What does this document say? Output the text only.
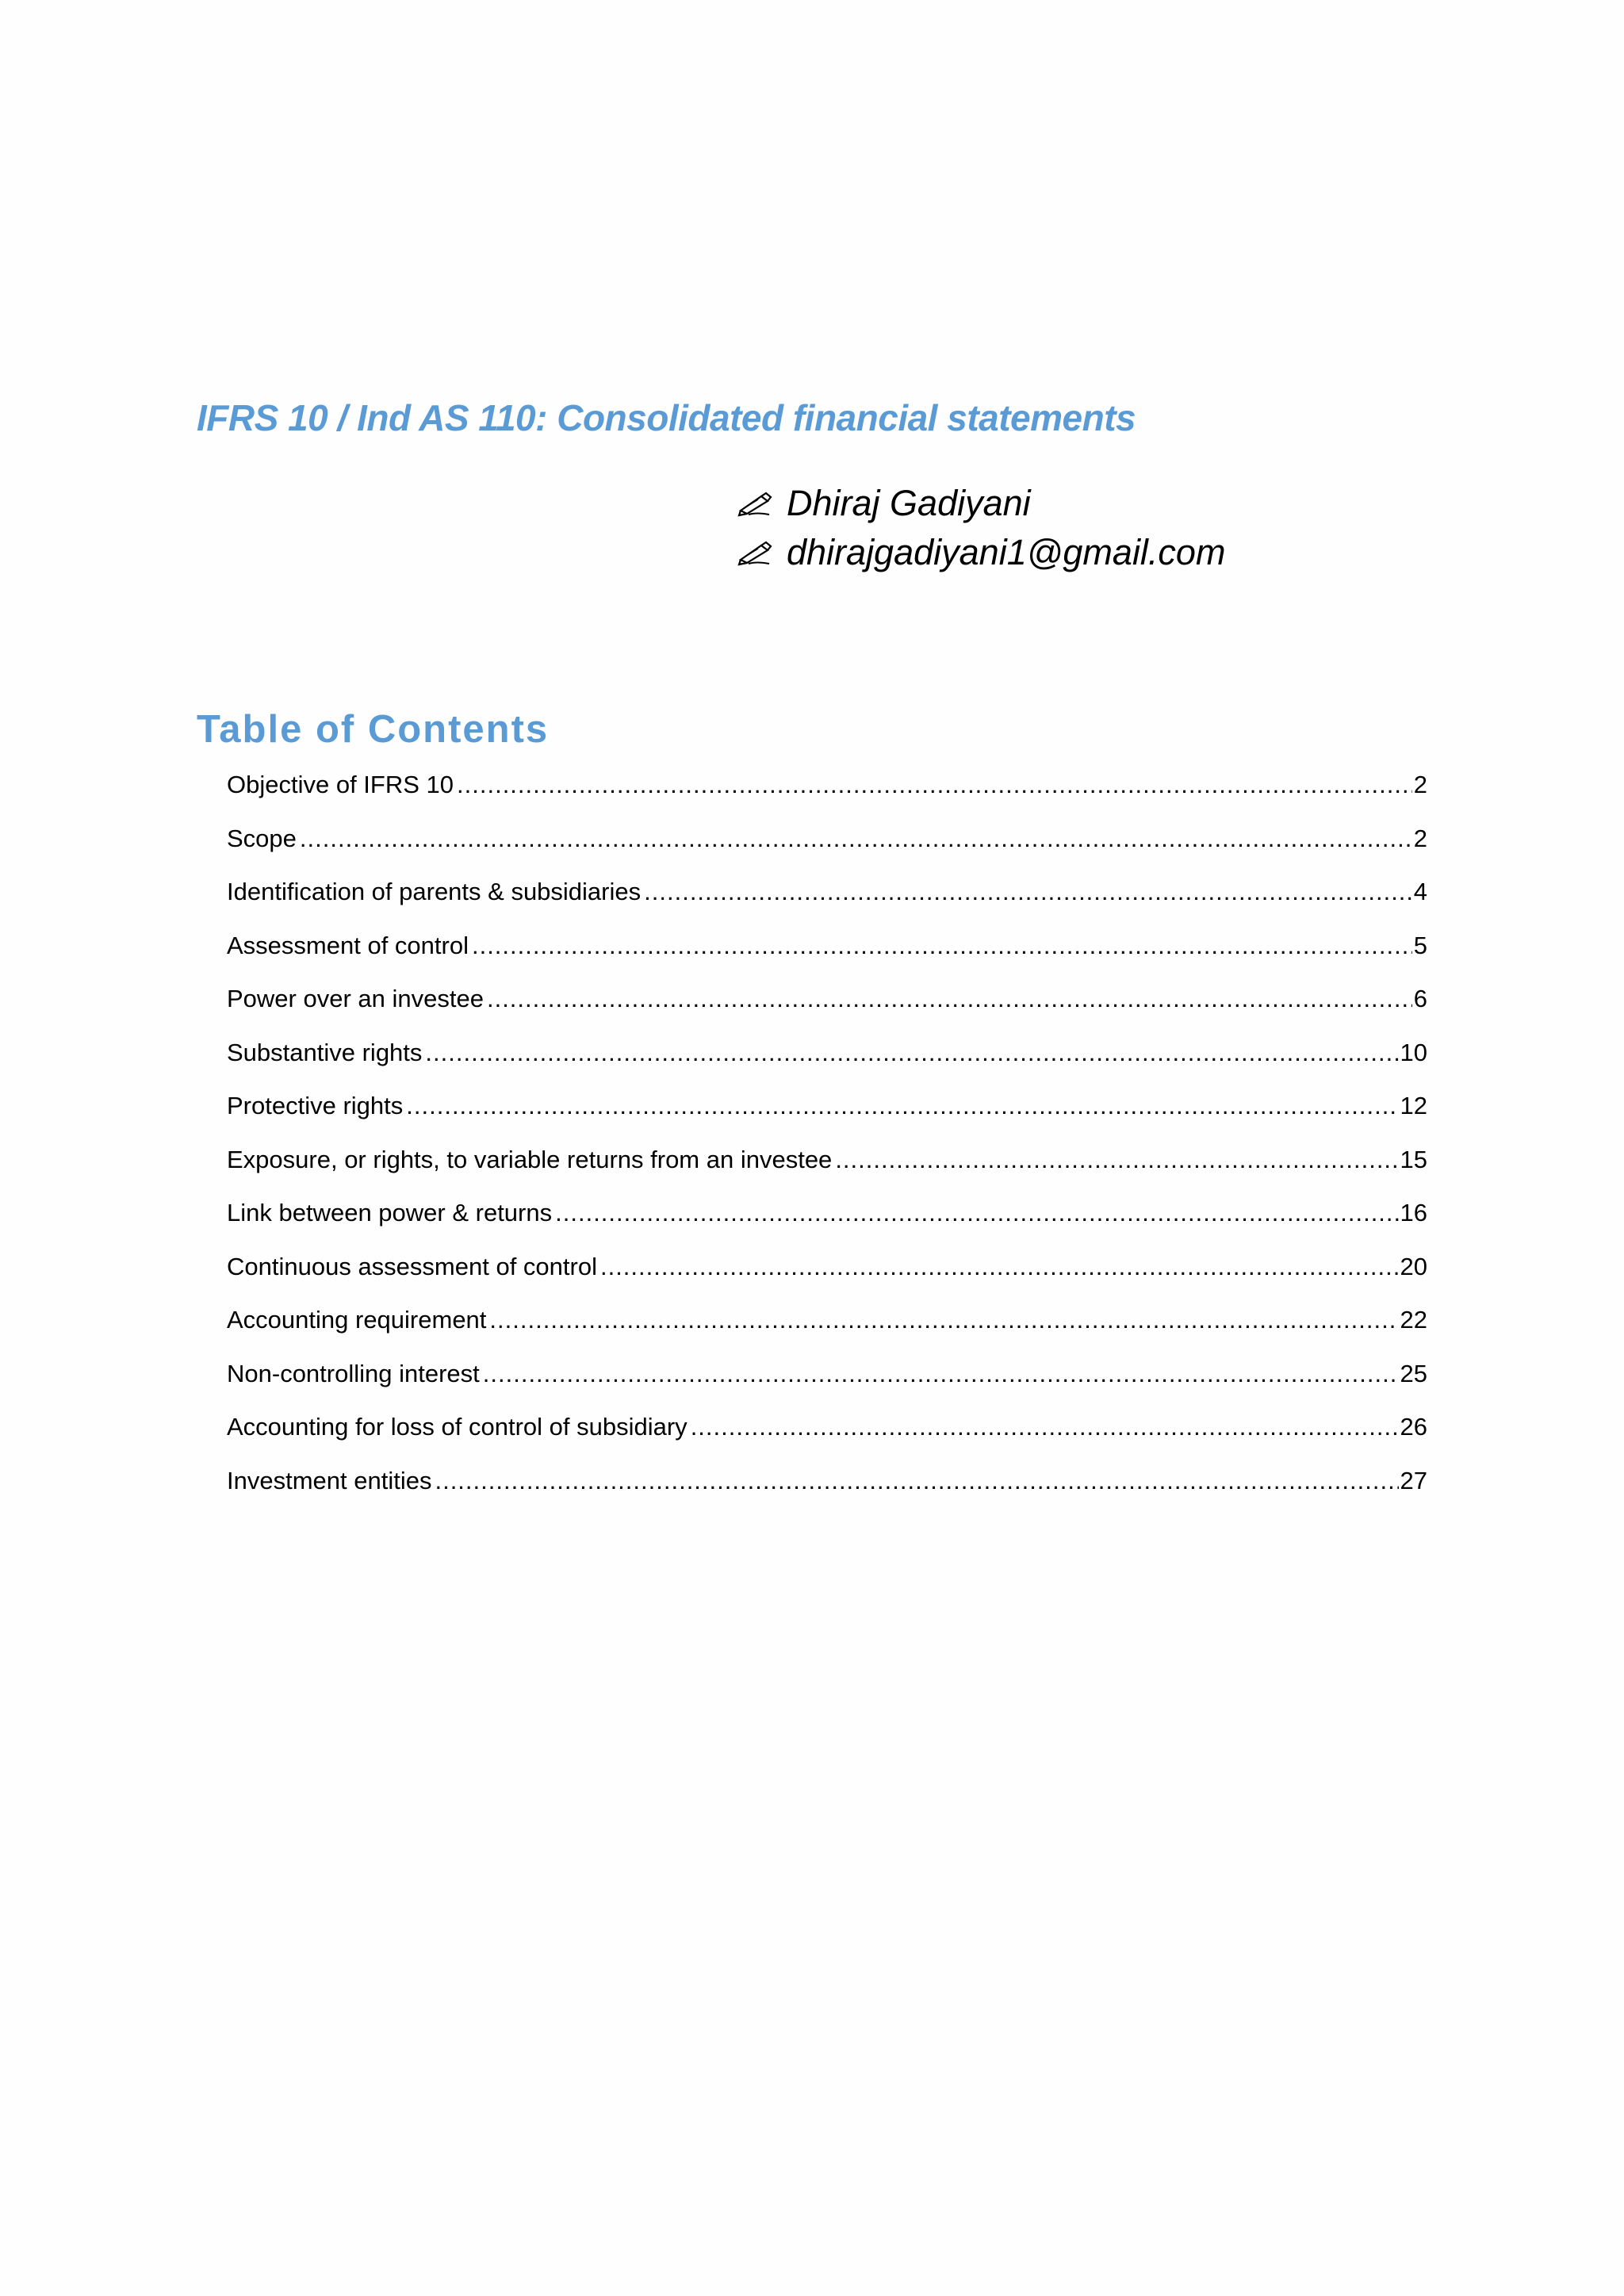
IFRS 10 / Ind AS 110: Consolidated financial statements
Dhiraj Gadiyani
dhirajgadiyani1@gmail.com
Table of Contents
Objective of IFRS 10 .....	2
Scope .....	2
Identification of parents & subsidiaries .....	4
Assessment of control .....	5
Power over an investee .....	6
Substantive rights .....	10
Protective rights .....	12
Exposure, or rights, to variable returns from an investee .....	15
Link between power & returns .....	16
Continuous assessment of control .....	20
Accounting requirement .....	22
Non-controlling interest .....	25
Accounting for loss of control of subsidiary .....	26
Investment entities .....	27
